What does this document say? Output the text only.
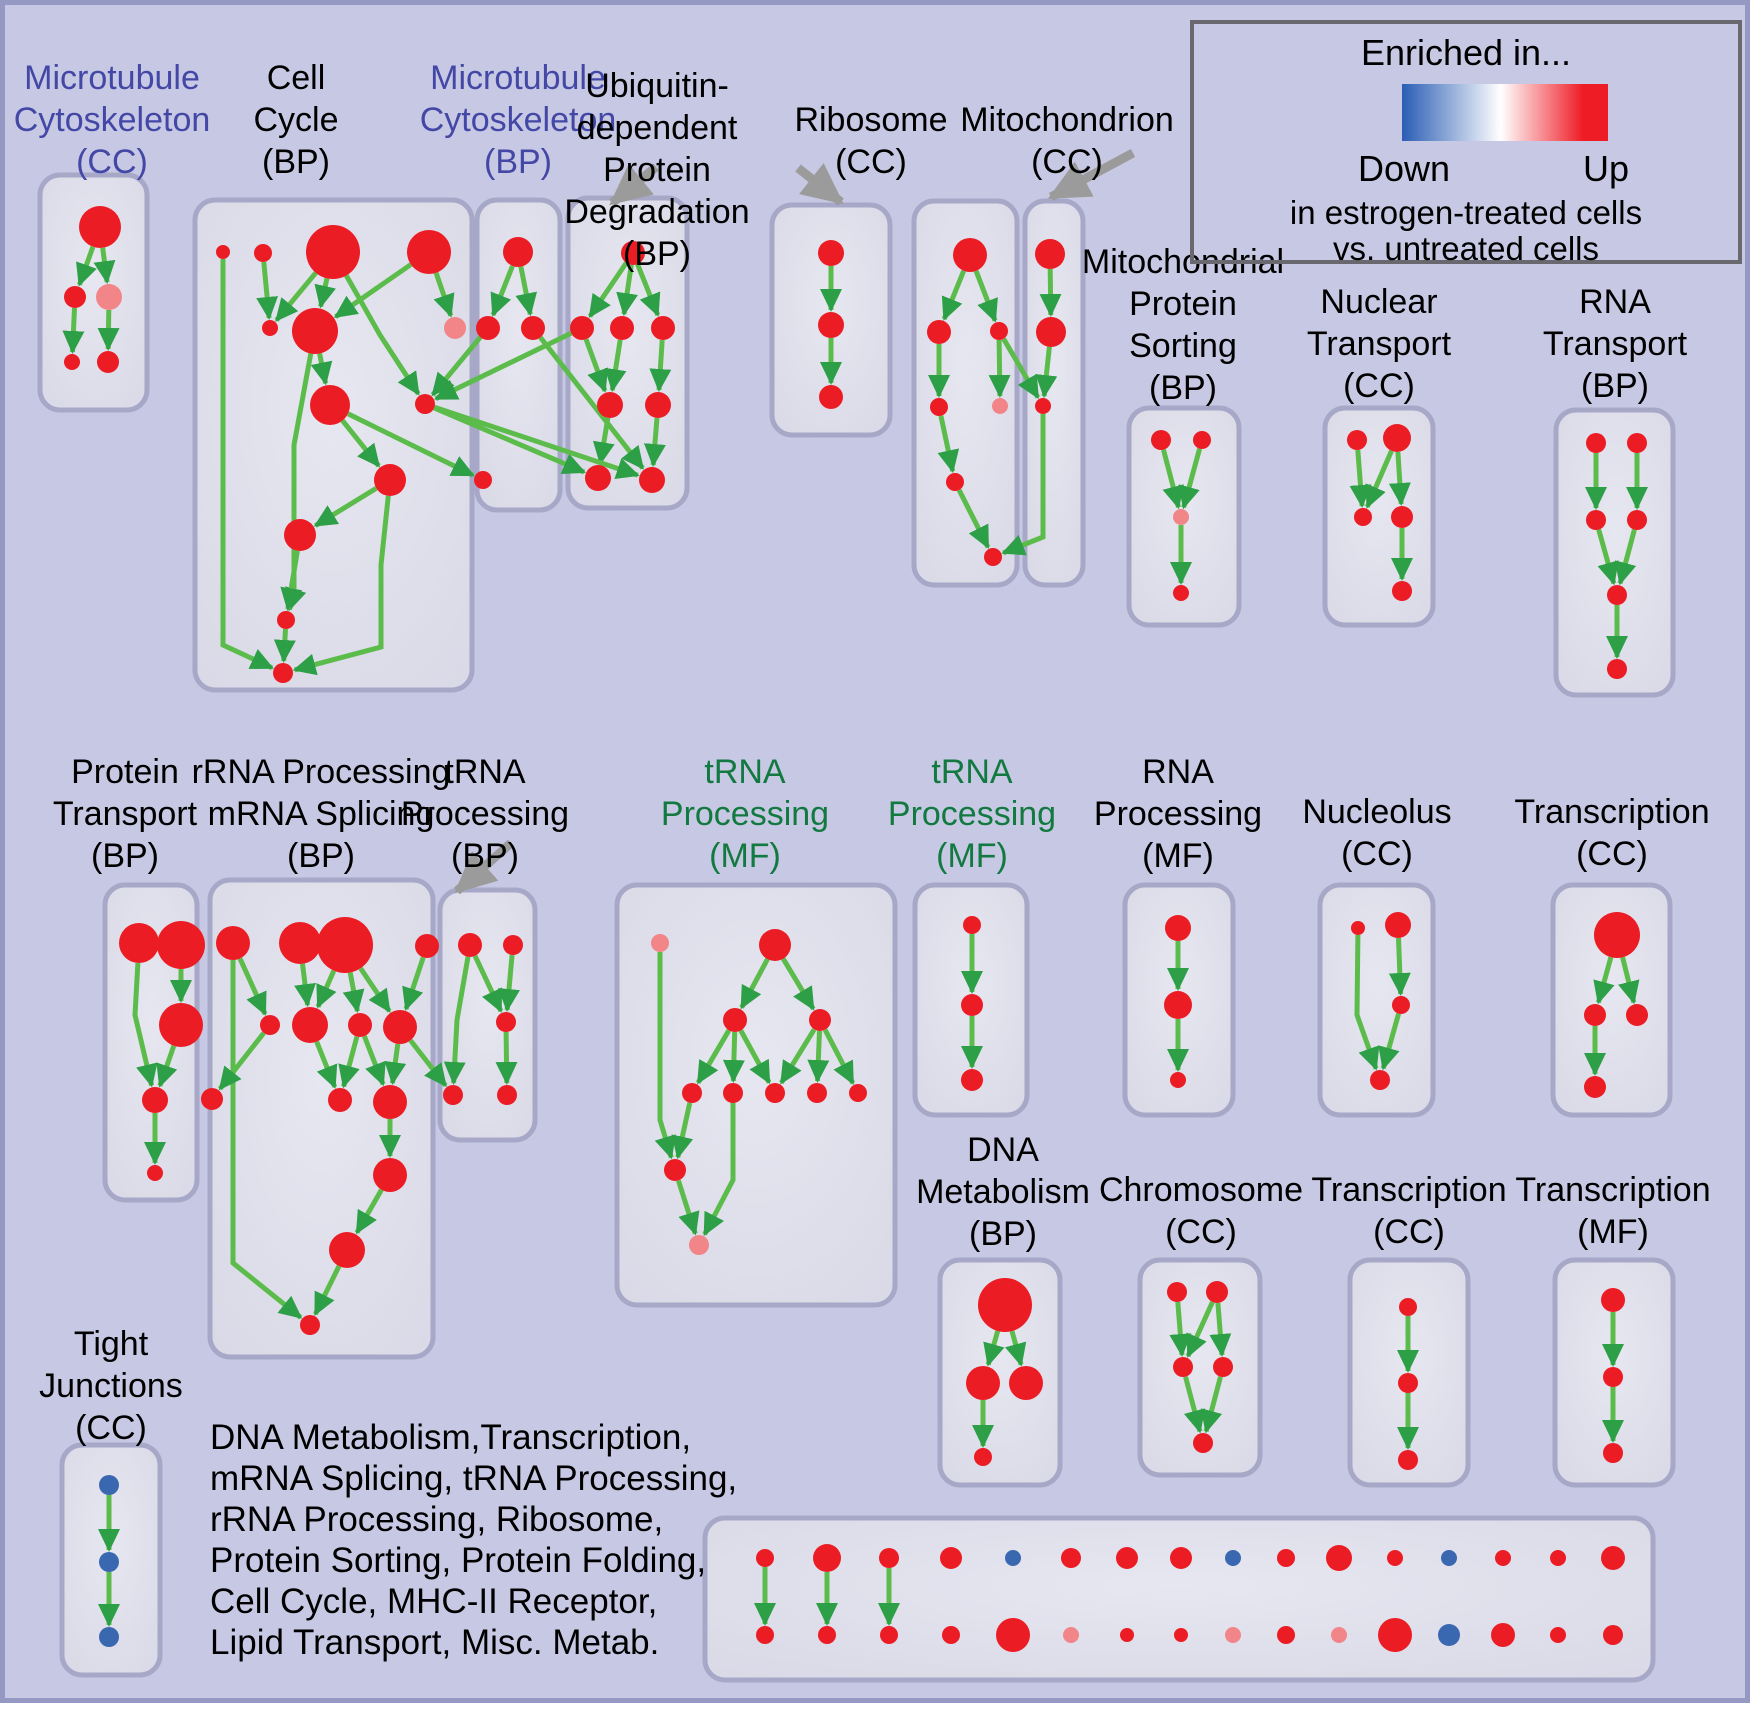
Microtubule Cytoskeleton (CC)
Cell Cycle (BP)
Microtubule Cytoskeleton (BP)
Ubiquitin-dependent Protein Degradation (BP)
Ribosome (CC)
Mitochondrion (CC)
Mitochondrial Protein Sorting (BP)
Nuclear Transport (CC)
RNA Transport (BP)
Protein Transport (BP)
rRNA Processing mRNA Splicing (BP)
tRNA Processing (BP)
tRNA Processing (MF)
tRNA Processing (MF)
RNA Processing (MF)
Nucleolus (CC)
Transcription (CC)
DNA Metabolism (BP)
Chromosome (CC)
Transcription (CC)
Transcription (MF)
Tight Junctions (CC)
Enriched in...
Down	Up
in estrogen-treated cells
vs. untreated cells
DNA Metabolism,Transcription,
mRNA Splicing, tRNA Processing,
rRNA Processing, Ribosome,
Protein Sorting, Protein Folding,
Cell Cycle, MHC-II Receptor,
Lipid Transport, Misc. Metab.
